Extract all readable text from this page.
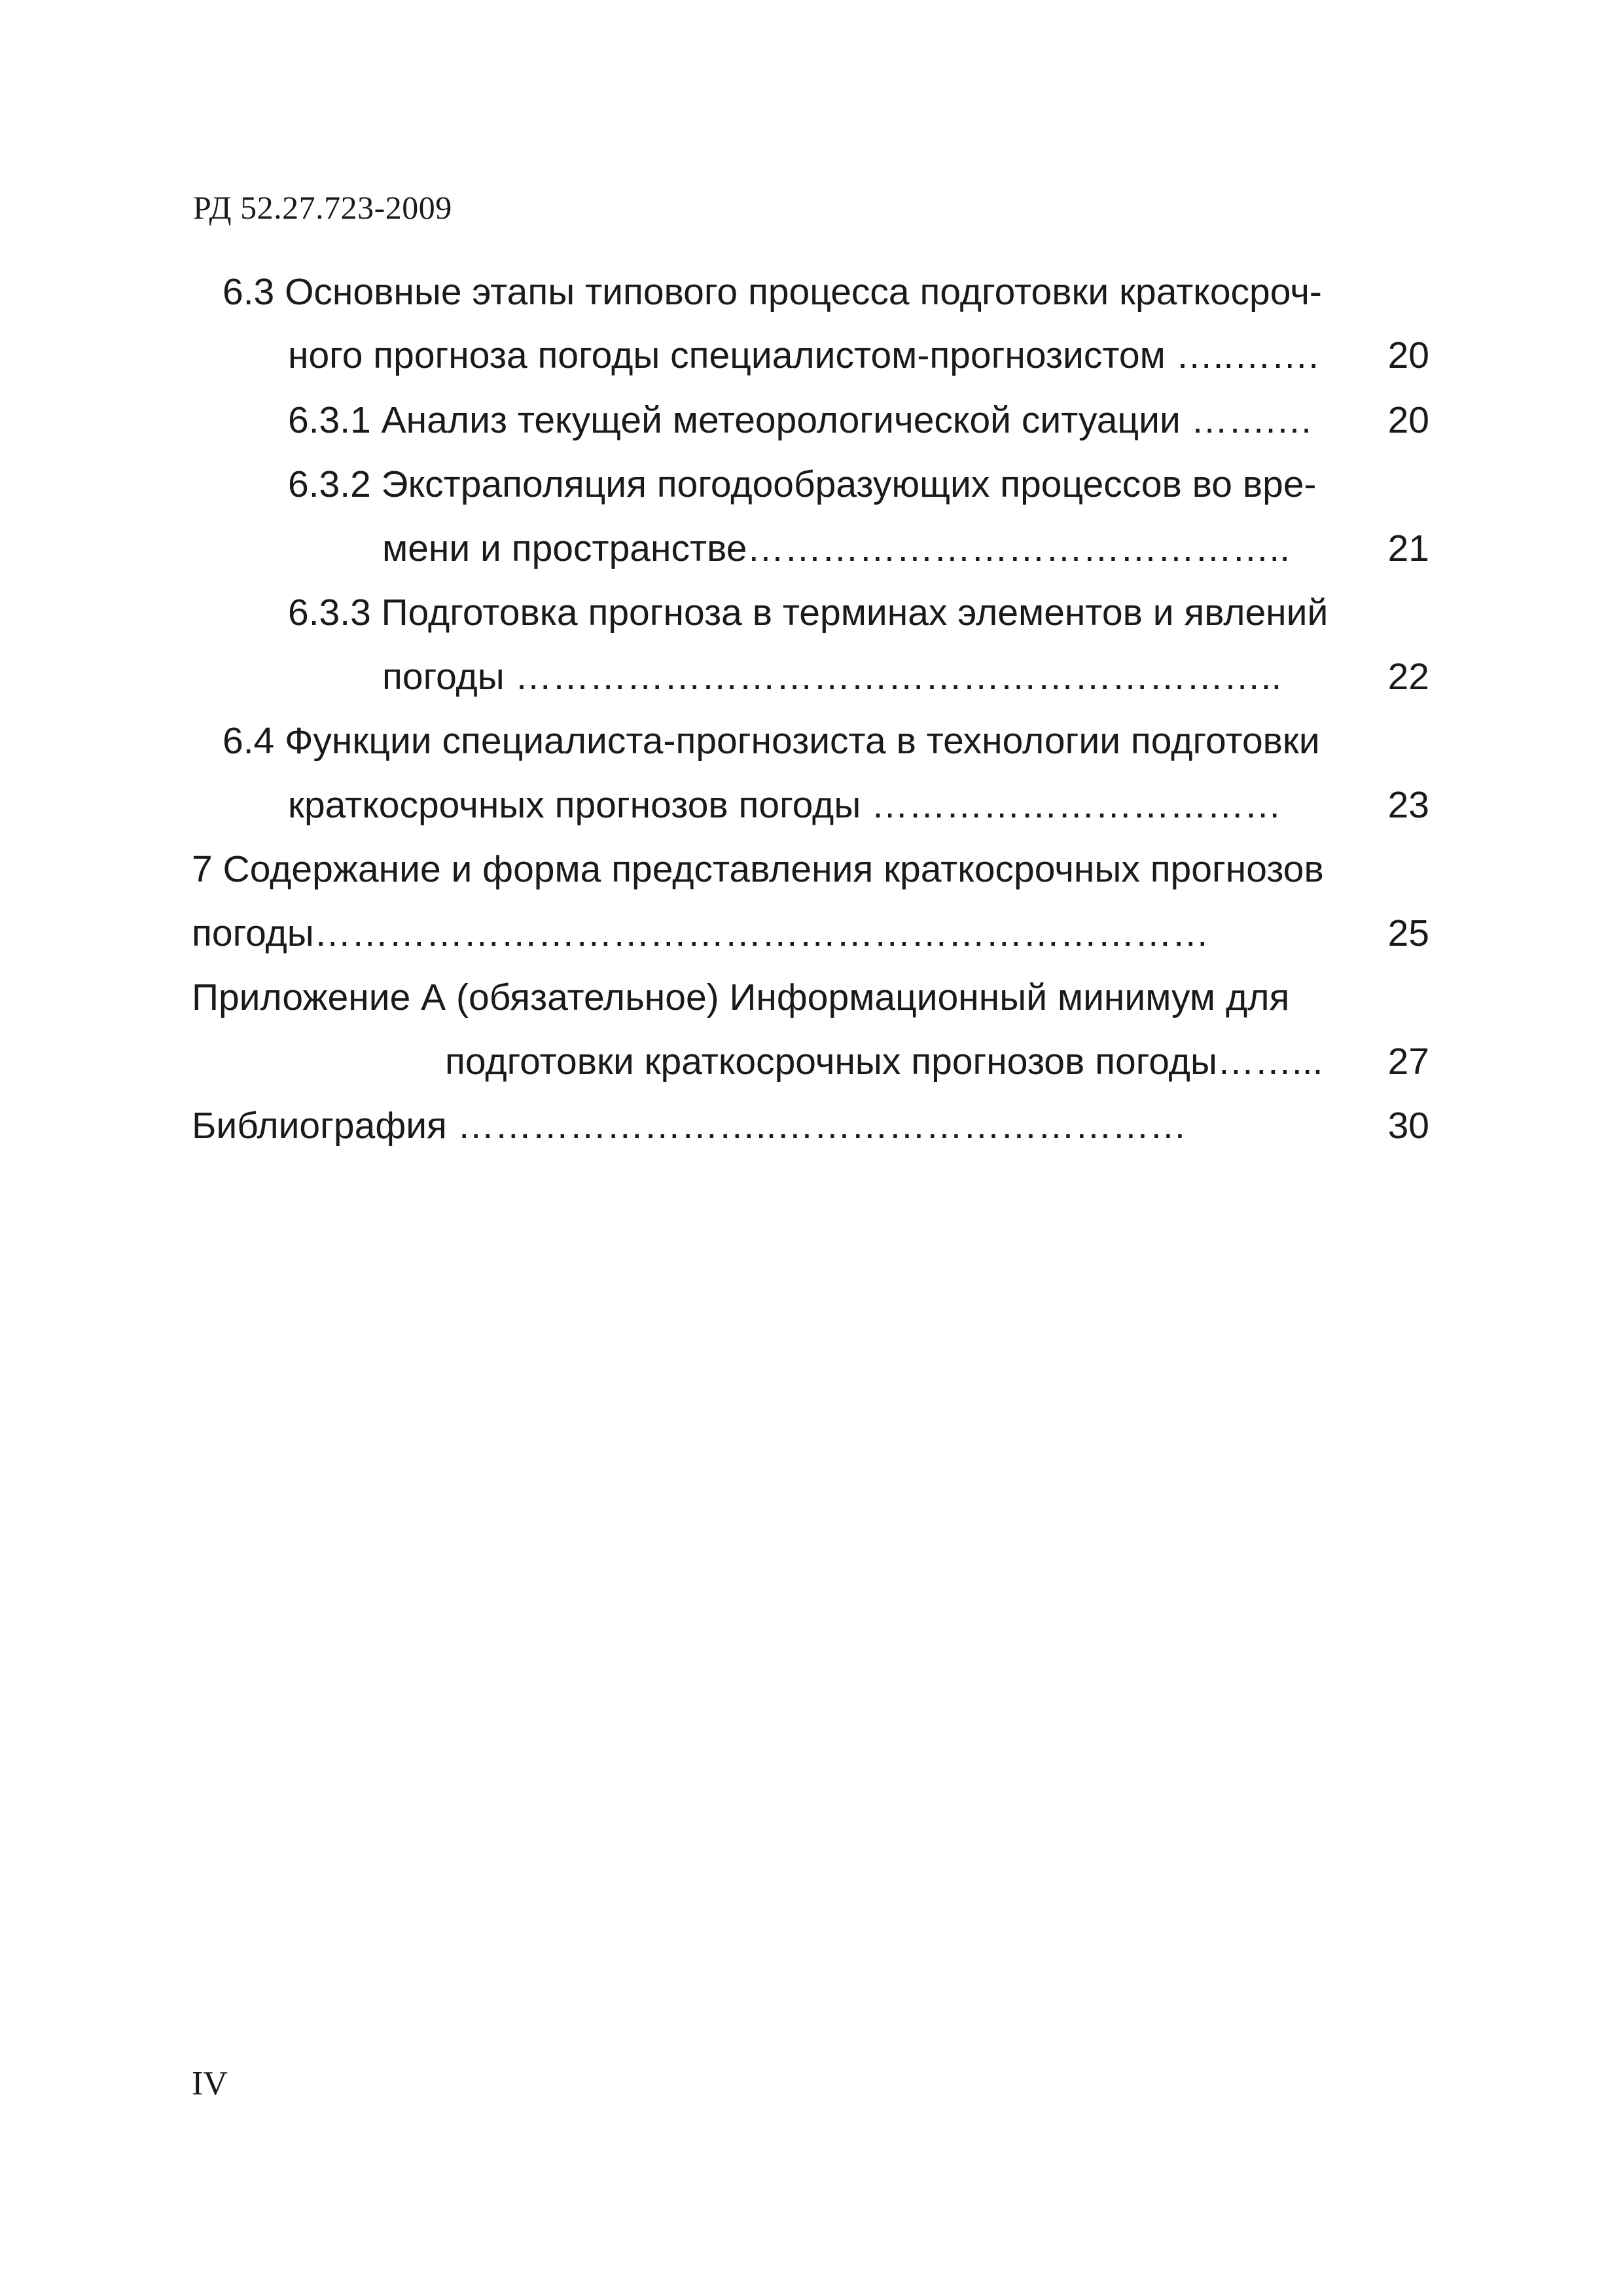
РД 52.27.723-2009
6.3 Основные этапы типового процесса подготовки краткосроч-
ного прогноза погоды специалистом-прогнозистом …..……. 20
6.3.1 Анализ текущей метеорологической ситуации …….… 20
6.3.2 Экстраполяция погодообразующих процессов во вре-
мени и пространстве……………………………………..	21
6.3.3 Подготовка прогноза в терминах элементов и явлений
погоды ……………………………………………………..	22
6.4 Функции специалиста-прогнозиста в технологии подготовки
краткосрочных прогнозов погоды ……………………………	23
7 Содержание и форма представления краткосрочных прогнозов
погоды………………………………………………………………	25
Приложение А (обязательное) Информационный минимум для
подготовки краткосрочных прогнозов погоды……... 27
Библиография ……………………..……………………………	30
IV
